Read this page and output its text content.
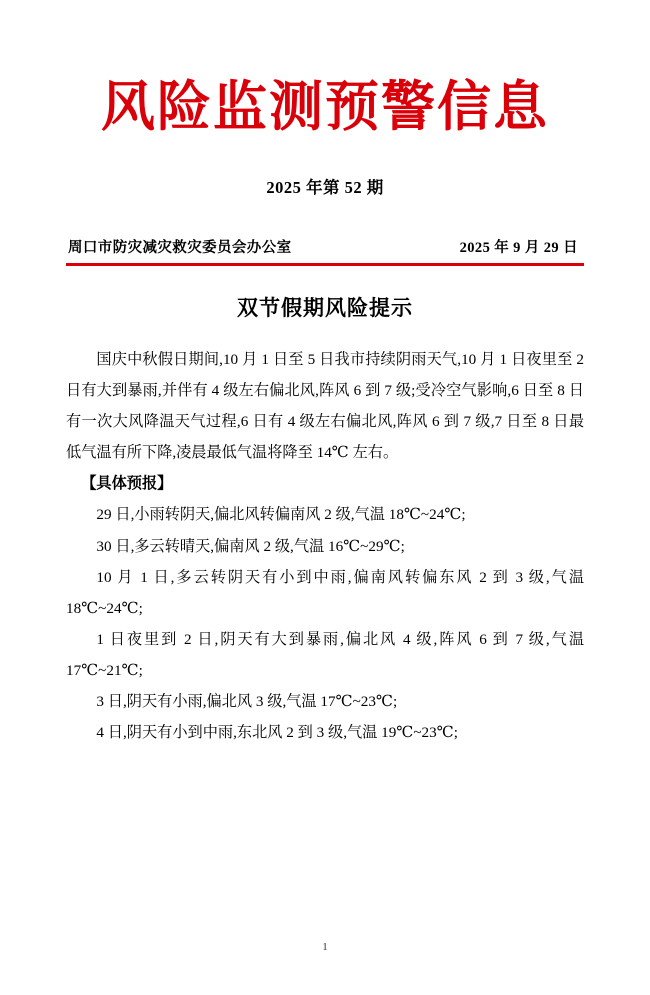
风险监测预警信息
2025 年第 52 期
周口市防灾减灾救灾委员会办公室	2025 年 9 月 29 日
双节假期风险提示

国庆中秋假日期间,10 月 1 日至 5 日我市持续阴雨天气,10 月 1 日夜里至 2 日有大到暴雨,并伴有 4 级左右偏北风,阵风 6 到 7 级;受冷空气影响,6 日至 8 日有一次大风降温天气过程,6 日有 4 级左右偏北风,阵风 6 到 7 级,7 日至 8 日最低气温有所下降,凌晨最低气温将降至 14℃ 左右。

【具体预报】

29 日,小雨转阴天,偏北风转偏南风 2 级,气温 18℃~24℃;

30 日,多云转晴天,偏南风 2 级,气温 16℃~29℃;

10 月 1 日,多云转阴天有小到中雨,偏南风转偏东风 2 到 3 级,气温 18℃~24℃;

1 日夜里到 2 日,阴天有大到暴雨,偏北风 4 级,阵风 6 到 7 级,气温 17℃~21℃;

3 日,阴天有小雨,偏北风 3 级,气温 17℃~23℃;

4 日,阴天有小到中雨,东北风 2 到 3 级,气温 19℃~23℃;

1
